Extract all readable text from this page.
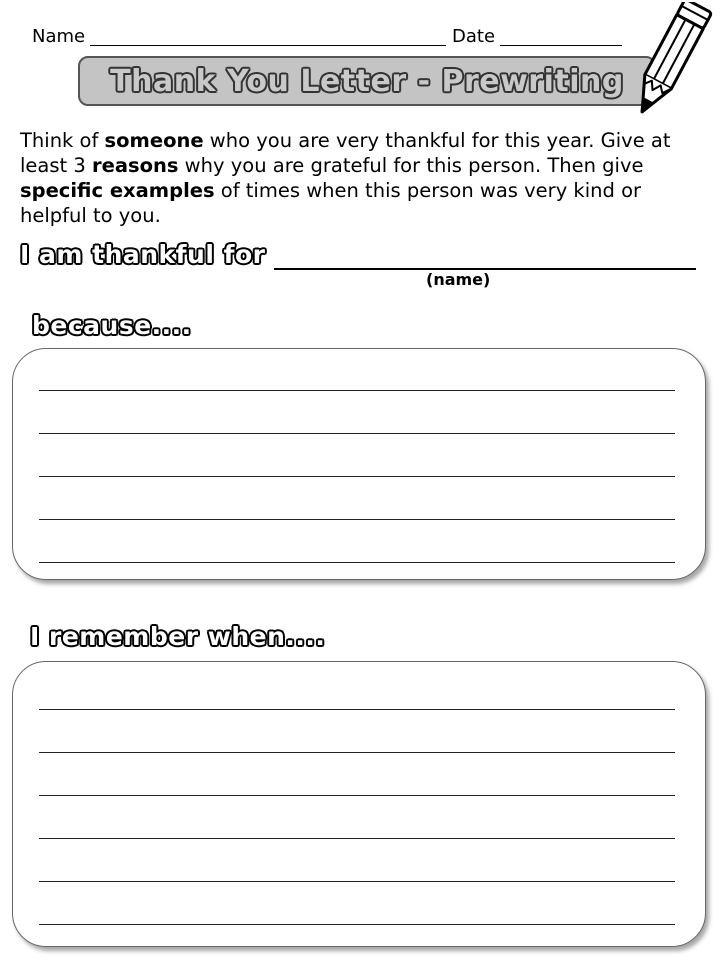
Name	Date
Thank You Letter - Prewriting
Think of someone who you are very thankful for this year. Give at least 3 reasons why you are grateful for this person. Then give specific examples of times when this person was very kind or helpful to you.
I am thankful for
(name)
because....
I remember when....
